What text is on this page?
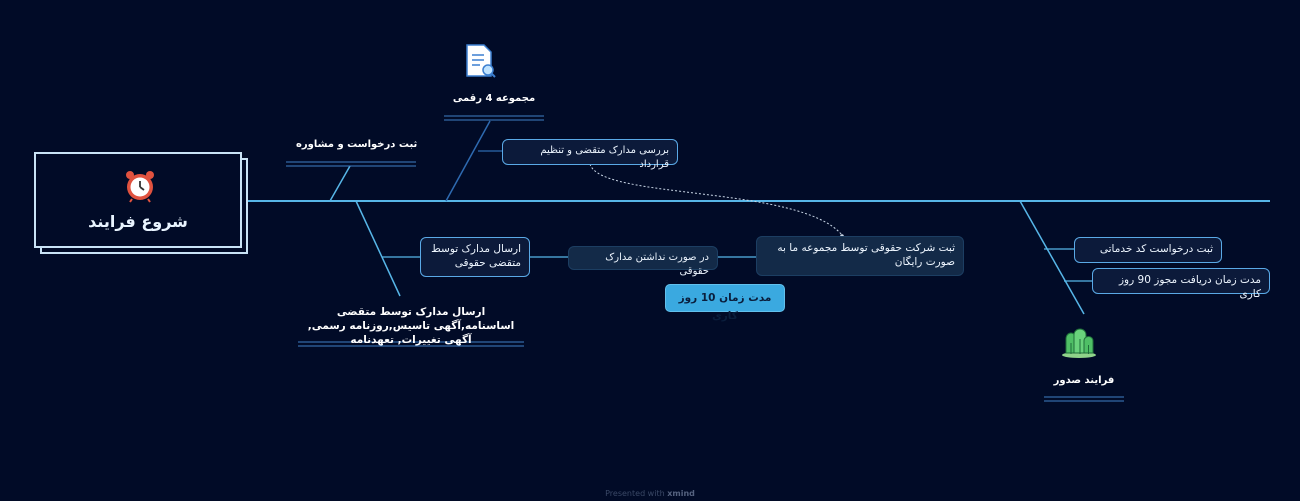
شروع فرایند
ثبت درخواست و مشاوره
مجموعه 4 رقمی
بررسی مدارک متقضی و تنظیم قرارداد
ارسال مدارک توسط متقضی حقوقی
ارسال مدارک توسط متقضی اساسنامه,آگهی تاسیس,روزنامه رسمی, آگهی تغییرات, تعهدنامه
در صورت نداشتن مدارک حقوقی
ثبت شرکت حقوقی توسط مجموعه ما به صورت رایگان
مدت زمان 10 روز کاری
ثبت درخواست کد خدماتی
مدت زمان دریافت مجوز 90 روز کاری
فرایند صدور
Presented with xmind
